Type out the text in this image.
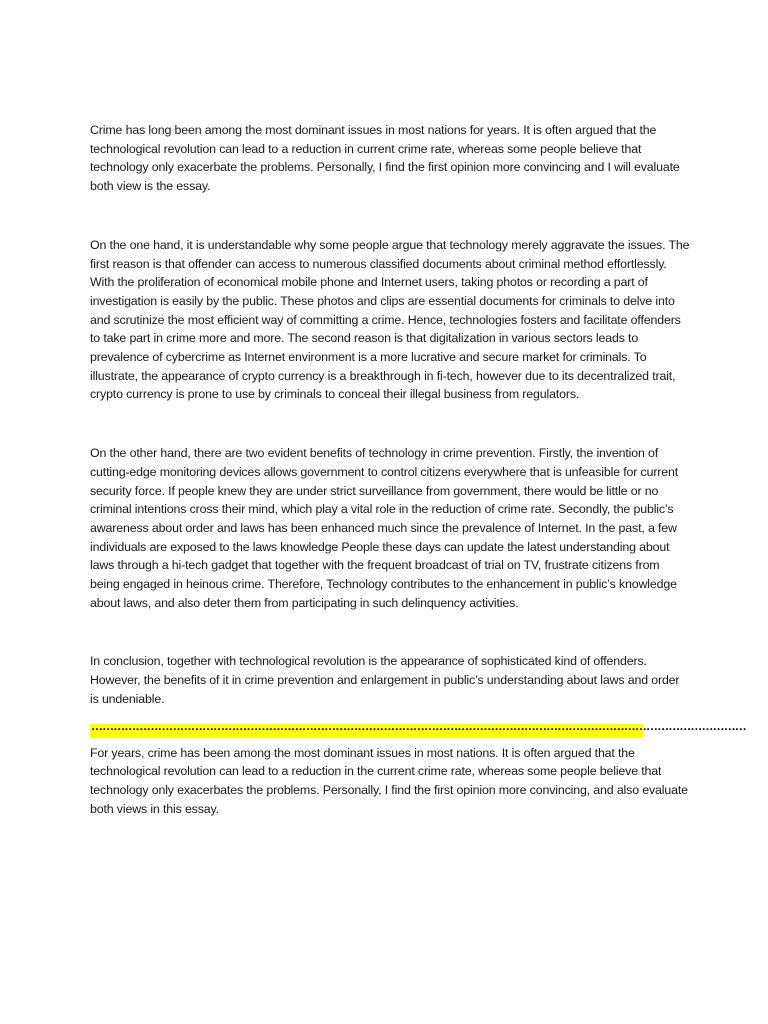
Crime has long been among the most dominant issues in most nations for years. It is often argued that the technological revolution can lead to a reduction in current crime rate, whereas some people believe that technology only exacerbate the problems. Personally, I find the first opinion more convincing and I will evaluate both view is the essay.

On the one hand, it is understandable why some people argue that technology merely aggravate the issues. The first reason is that offender can access to numerous classified documents about criminal method effortlessly. With the proliferation of economical mobile phone and Internet users, taking photos or recording a part of investigation is easily by the public. These photos and clips are essential documents for criminals to delve into and scrutinize the most efficient way of committing a crime. Hence, technologies fosters and facilitate offenders to take part in crime more and more. The second reason is that digitalization in various sectors leads to prevalence of cybercrime as Internet environment is a more lucrative and secure market for criminals. To illustrate, the appearance of crypto currency is a breakthrough in fi-tech, however due to its decentralized trait, crypto currency is prone to use by criminals to conceal their illegal business from regulators.

On the other hand, there are two evident benefits of technology in crime prevention. Firstly, the invention of cutting-edge monitoring devices allows government to control citizens everywhere that is unfeasible for current security force. If people knew they are under strict surveillance from government, there would be little or no criminal intentions cross their mind, which play a vital role in the reduction of crime rate. Secondly, the public’s awareness about order and laws has been enhanced much since the prevalence of Internet. In the past, a few individuals are exposed to the laws knowledge People these days can update the latest understanding about laws through a hi-tech gadget that together with the frequent broadcast of trial on TV, frustrate citizens from being engaged in heinous crime. Therefore, Technology contributes to the enhancement in public’s knowledge about laws, and also deter them from participating in such delinquency activities.

In conclusion, together with technological revolution is the appearance of sophisticated kind of offenders. However, the benefits of it in crime prevention and enlargement in public’s understanding about laws and order is undeniable.

……………………………………………………………………………………………………………………………………………………………

For years, crime has been among the most dominant issues in most nations. It is often argued that the technological revolution can lead to a reduction in the current crime rate, whereas some people believe that technology only exacerbates the problems. Personally, I find the first opinion more convincing, and also evaluate both views in this essay.
